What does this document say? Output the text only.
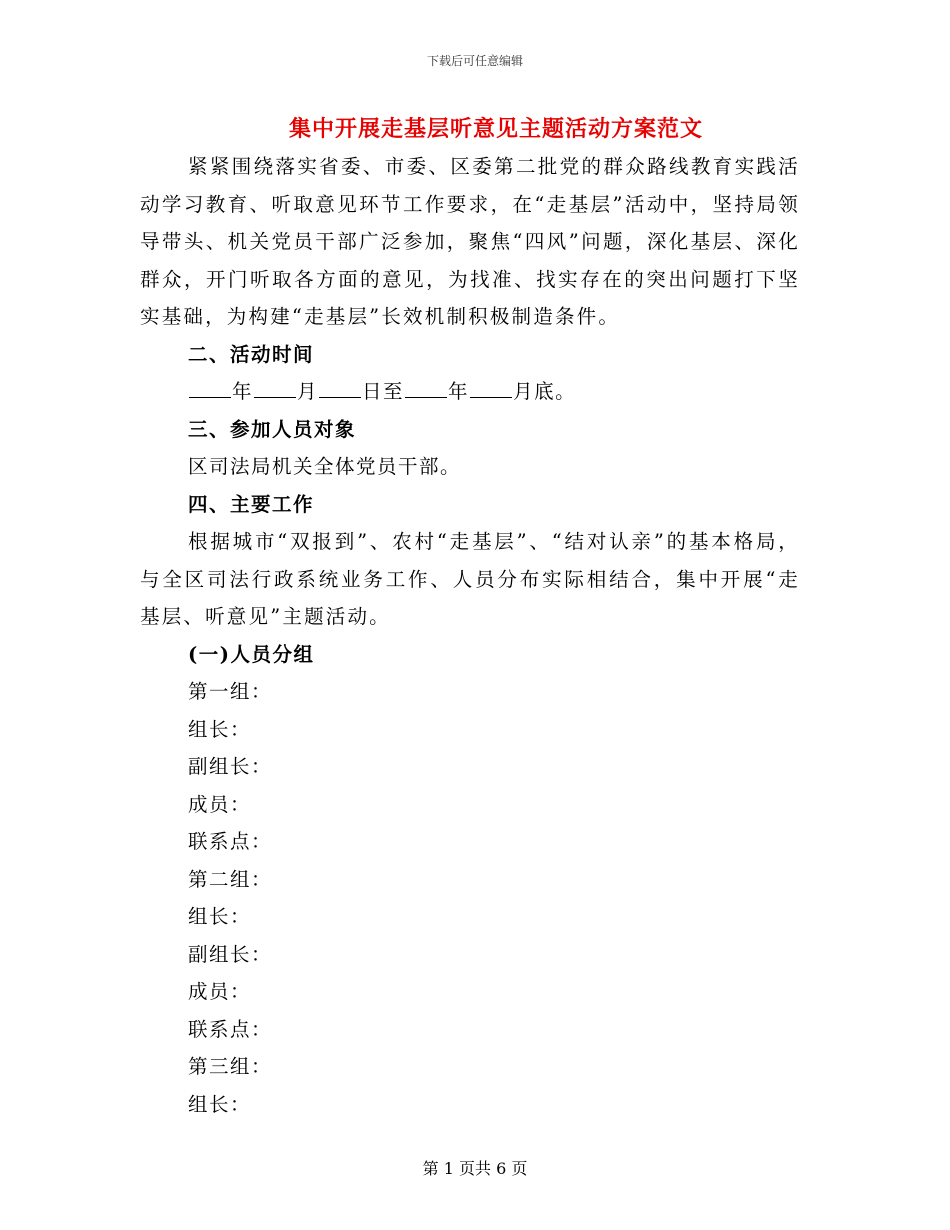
下载后可任意编辑
集中开展走基层听意见主题活动方案范文

紧紧围绕落实省委、市委、区委第二批党的群众路线教育实践活动学习教育、听取意见环节工作要求，在“走基层”活动中，坚持局领导带头、机关党员干部广泛参加，聚焦“四风”问题，深化基层、深化群众，开门听取各方面的意见，为找准、找实存在的突出问题打下坚实基础，为构建“走基层”长效机制积极制造条件。

二、活动时间

年 月 日至 年 月底。

三、参加人员对象

区司法局机关全体党员干部。

四、主要工作

根据城市“双报到”、农村“走基层”、“结对认亲”的基本格局，与全区司法行政系统业务工作、人员分布实际相结合，集中开展“走基层、听意见”主题活动。

(一)人员分组

第一组：

组长：

副组长：

成员：

联系点：

第二组：

组长：

副组长：

成员：

联系点：

第三组：

组长：

第 1 页共 6 页
